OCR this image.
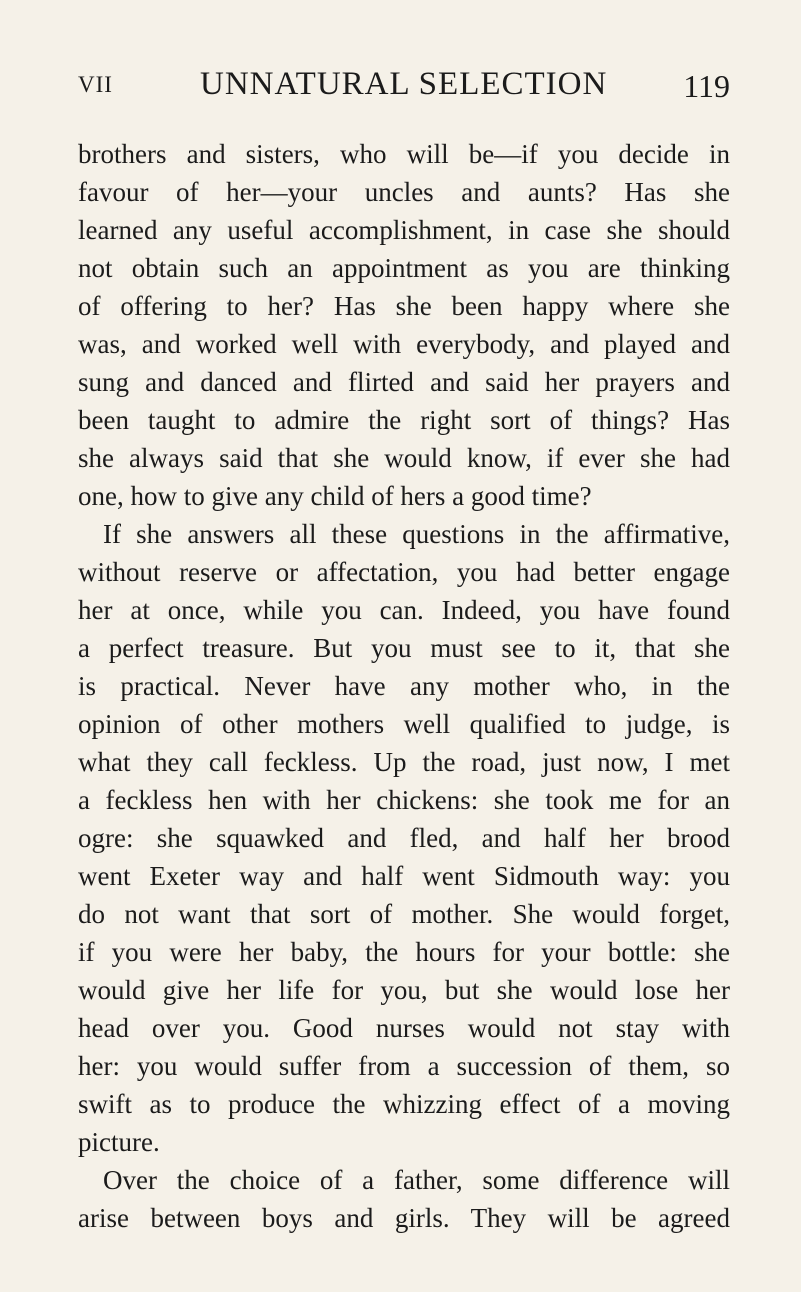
VII	UNNATURAL SELECTION 119
brothers and sisters, who will be—if you decide in
favour of her—your uncles and aunts? Has she
learned any useful accomplishment, in case she should
not obtain such an appointment as you are thinking
of offering to her? Has she been happy where she
was, and worked well with everybody, and played and
sung and danced and flirted and said her prayers and
been taught to admire the right sort of things? Has
she always said that she would know, if ever she had
one, how to give any child of hers a good time?
If she answers all these questions in the affirmative,
without reserve or affectation, you had better engage
her at once, while you can. Indeed, you have found
a perfect treasure. But you must see to it, that she
is practical. Never have any mother who, in the
opinion of other mothers well qualified to judge, is
what they call feckless. Up the road, just now, I met
a feckless hen with her chickens: she took me for an
ogre: she squawked and fled, and half her brood
went Exeter way and half went Sidmouth way: you
do not want that sort of mother. She would forget,
if you were her baby, the hours for your bottle: she
would give her life for you, but she would lose her
head over you. Good nurses would not stay with
her: you would suffer from a succession of them, so
swift as to produce the whizzing effect of a moving
picture.
Over the choice of a father, some difference will
arise between boys and girls. They will be agreed
